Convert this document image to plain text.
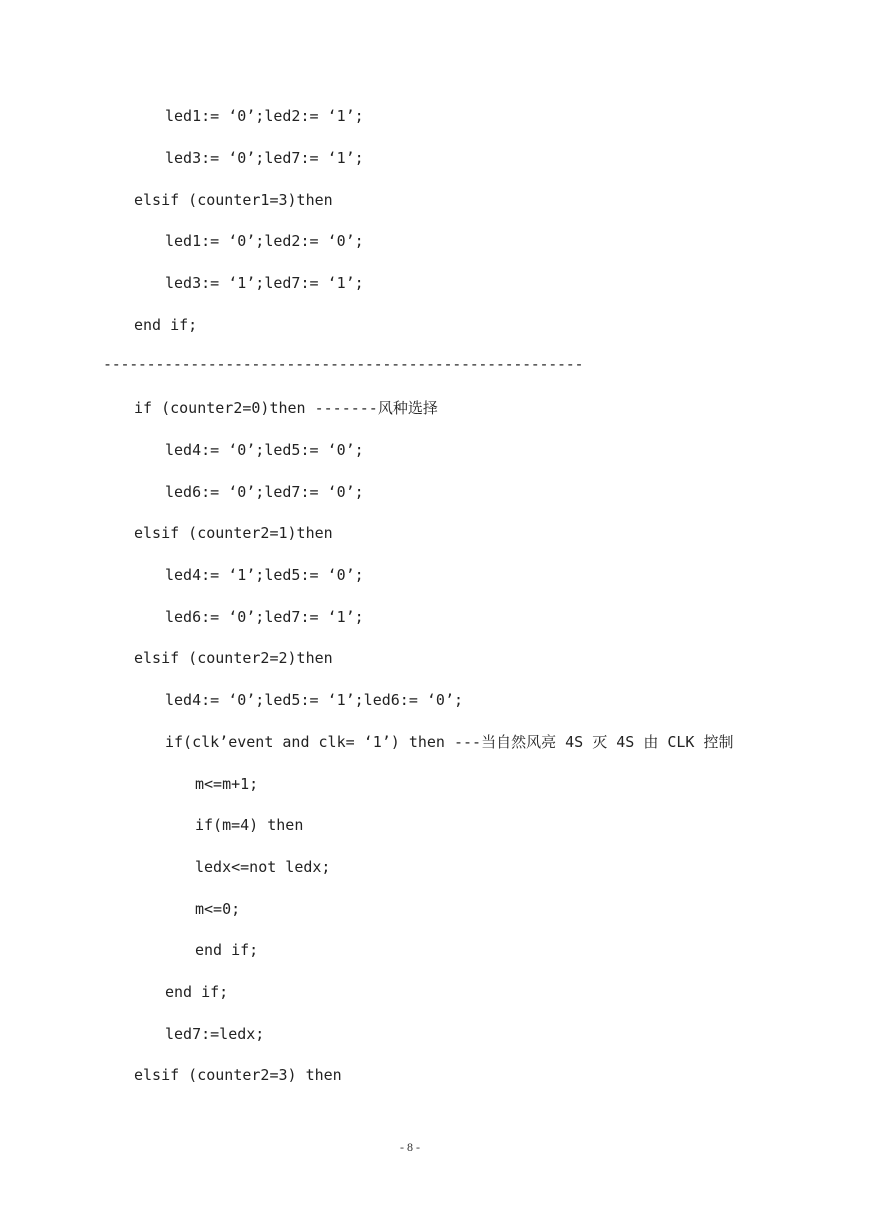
led1:= ‘0’;led2:= ‘1’;
led3:= ‘0’;led7:= ‘1’;
elsif (counter1=3)then
led1:= ‘0’;led2:= ‘0’;
led3:= ‘1’;led7:= ‘1’;
end if;
-------------------------------------------------------
if (counter2=0)then -------风种选择
led4:= ‘0’;led5:= ‘0’;
led6:= ‘0’;led7:= ‘0’;
elsif (counter2=1)then
led4:= ‘1’;led5:= ‘0’;
led6:= ‘0’;led7:= ‘1’;
elsif (counter2=2)then
led4:= ‘0’;led5:= ‘1’;led6:= ‘0’;
if(clk’event and clk= ‘1’) then ---当自然风亮 4S 灭 4S 由 CLK 控制
m<=m+1;
if(m=4) then
ledx<=not ledx;
m<=0;
end if;
end if;
led7:=ledx;
elsif (counter2=3) then
- 8 -
